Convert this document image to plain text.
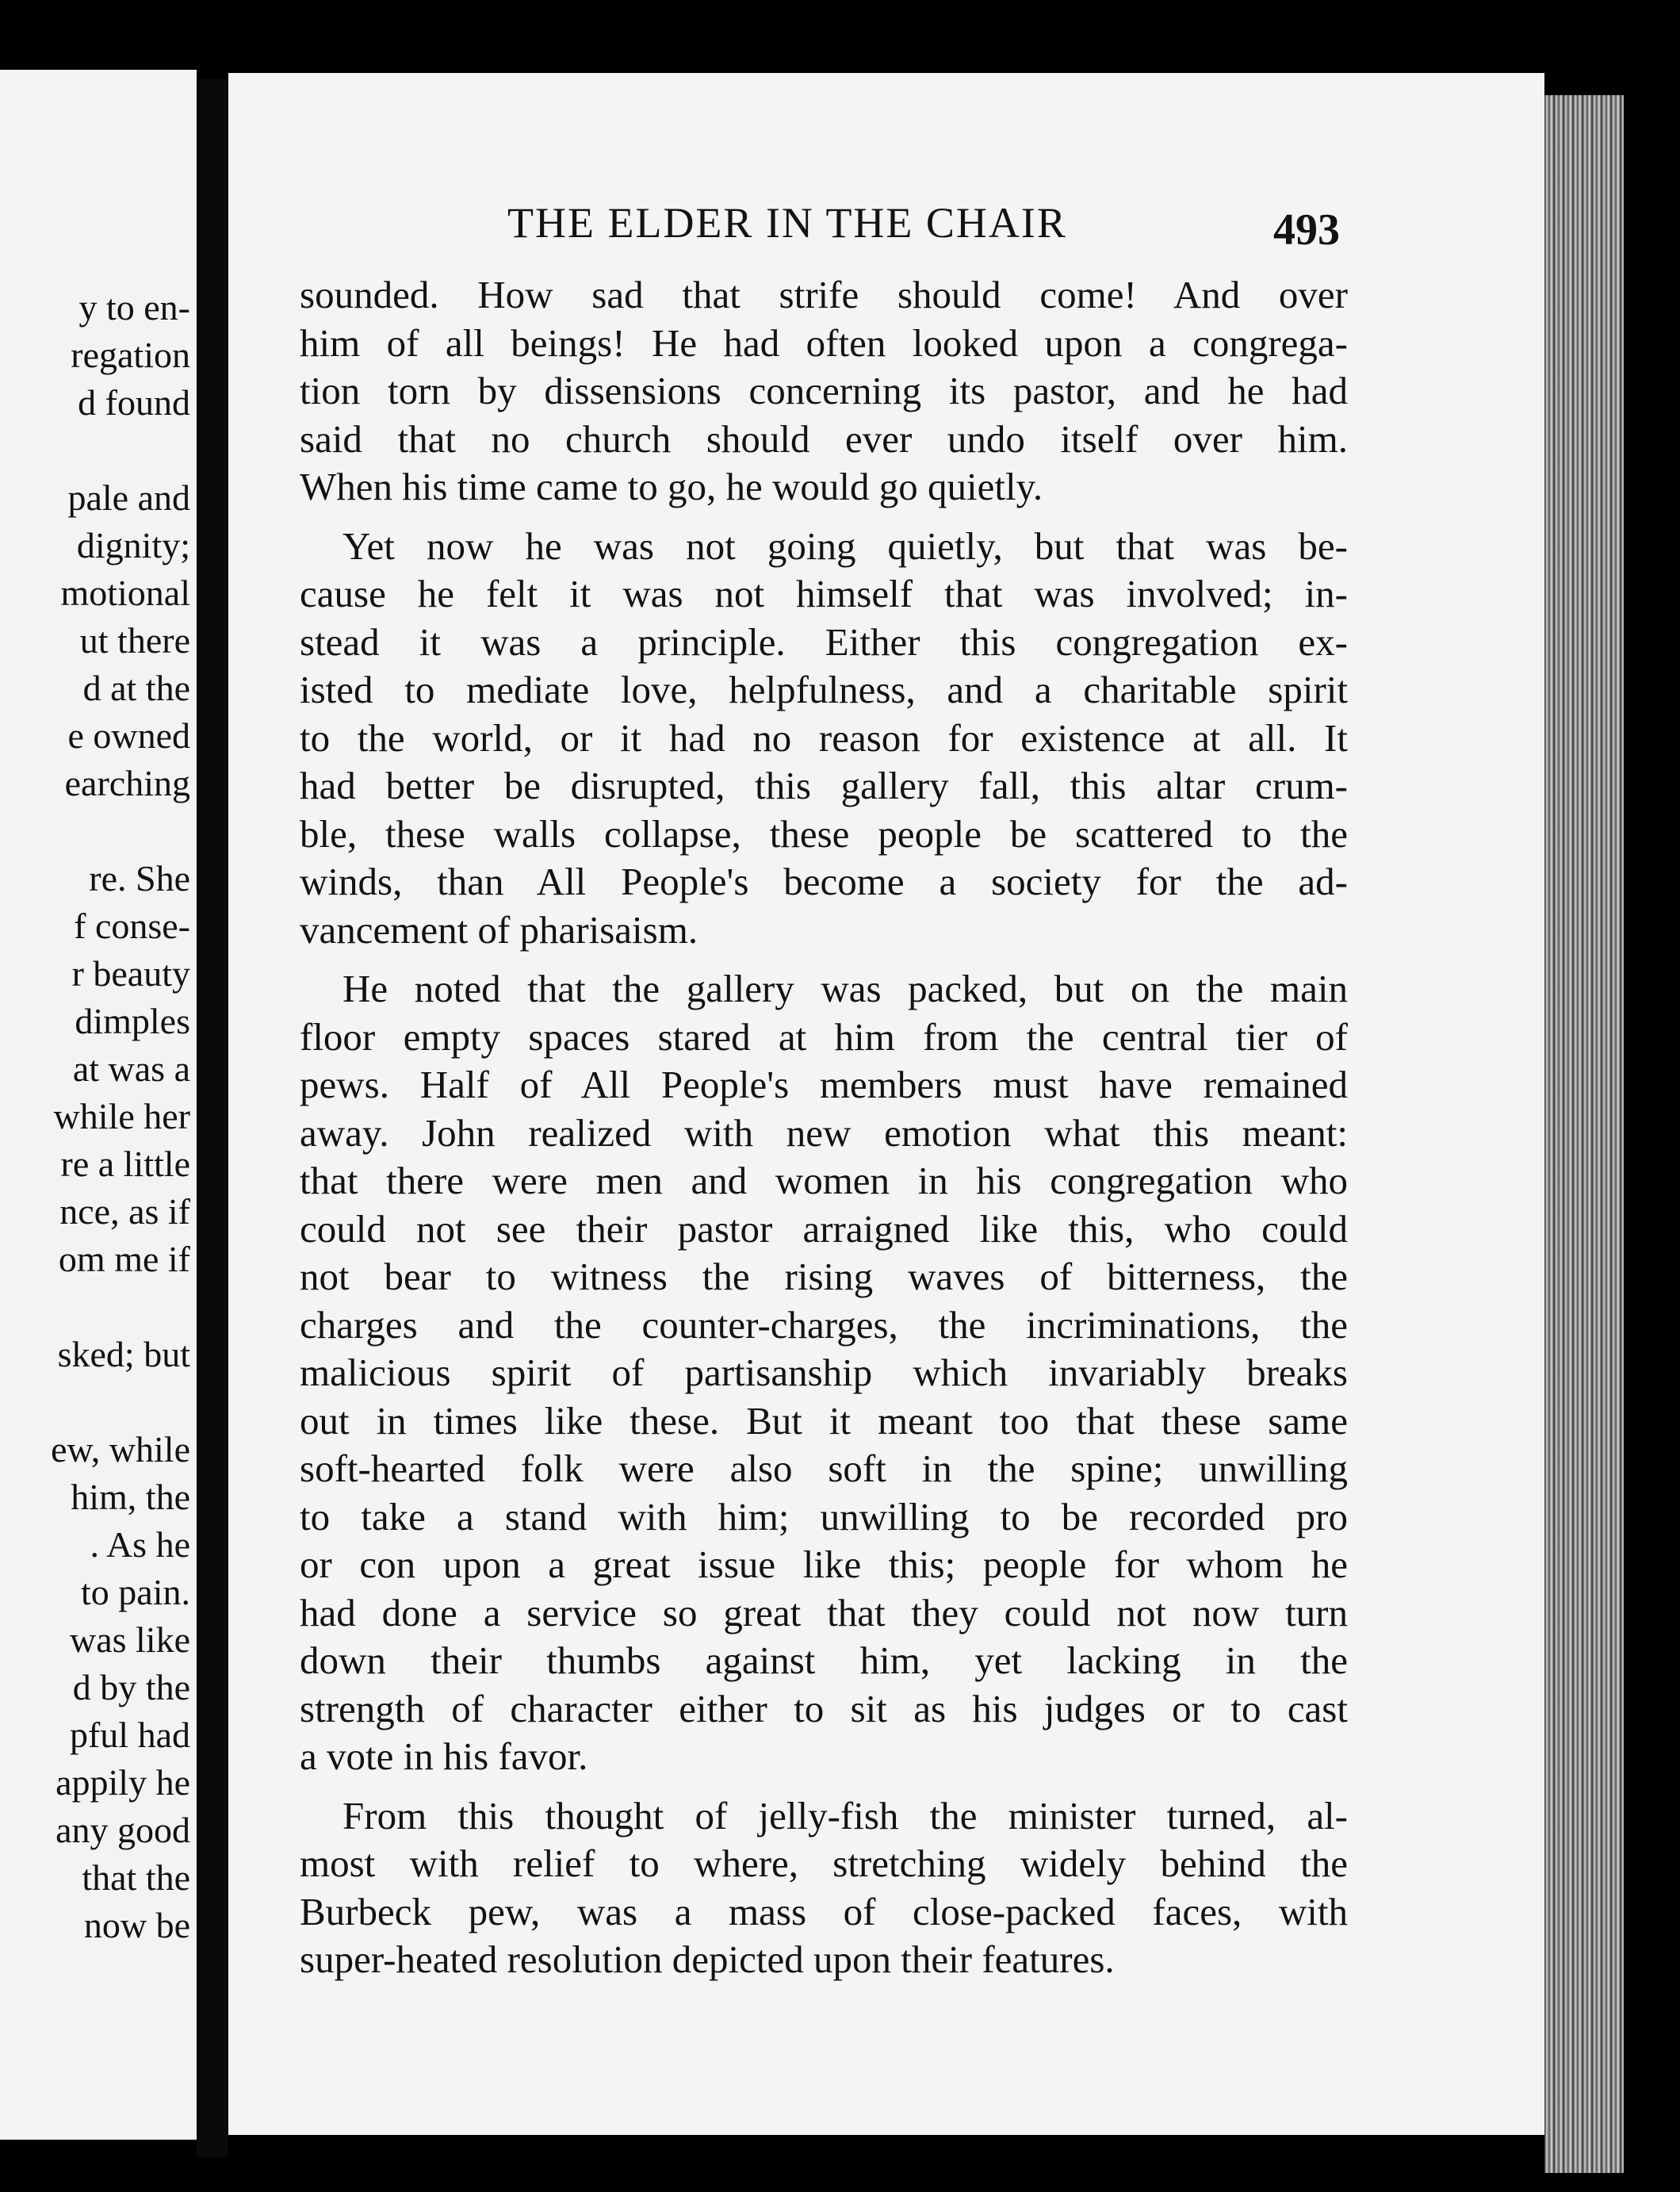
y to en-
regation
d found
pale and
dignity;
motional
ut there
d at the
e owned
earching
re. She
f conse-
r beauty
dimples
at was a
while her
re a little
nce, as if
om me if
sked; but
ew, while
him, the
. As he
to pain.
was like
d by the
pful had
appily he
any good
that the
now be
THE ELDER IN THE CHAIR	493

sounded. How sad that strife should come! And over
him of all beings! He had often looked upon a congrega-
tion torn by dissensions concerning its pastor, and he had
said that no church should ever undo itself over him.
When his time came to go, he would go quietly.

Yet now he was not going quietly, but that was be-
cause he felt it was not himself that was involved; in-
stead it was a principle. Either this congregation ex-
isted to mediate love, helpfulness, and a charitable spirit
to the world, or it had no reason for existence at all. It
had better be disrupted, this gallery fall, this altar crum-
ble, these walls collapse, these people be scattered to the
winds, than All People's become a society for the ad-
vancement of pharisaism.

He noted that the gallery was packed, but on the main
floor empty spaces stared at him from the central tier of
pews. Half of All People's members must have remained
away. John realized with new emotion what this meant:
that there were men and women in his congregation who
could not see their pastor arraigned like this, who could
not bear to witness the rising waves of bitterness, the
charges and the counter-charges, the incriminations, the
malicious spirit of partisanship which invariably breaks
out in times like these. But it meant too that these same
soft-hearted folk were also soft in the spine; unwilling
to take a stand with him; unwilling to be recorded pro
or con upon a great issue like this; people for whom he
had done a service so great that they could not now turn
down their thumbs against him, yet lacking in the
strength of character either to sit as his judges or to cast
a vote in his favor.

From this thought of jelly-fish the minister turned, al-
most with relief to where, stretching widely behind the
Burbeck pew, was a mass of close-packed faces, with
super-heated resolution depicted upon their features.
